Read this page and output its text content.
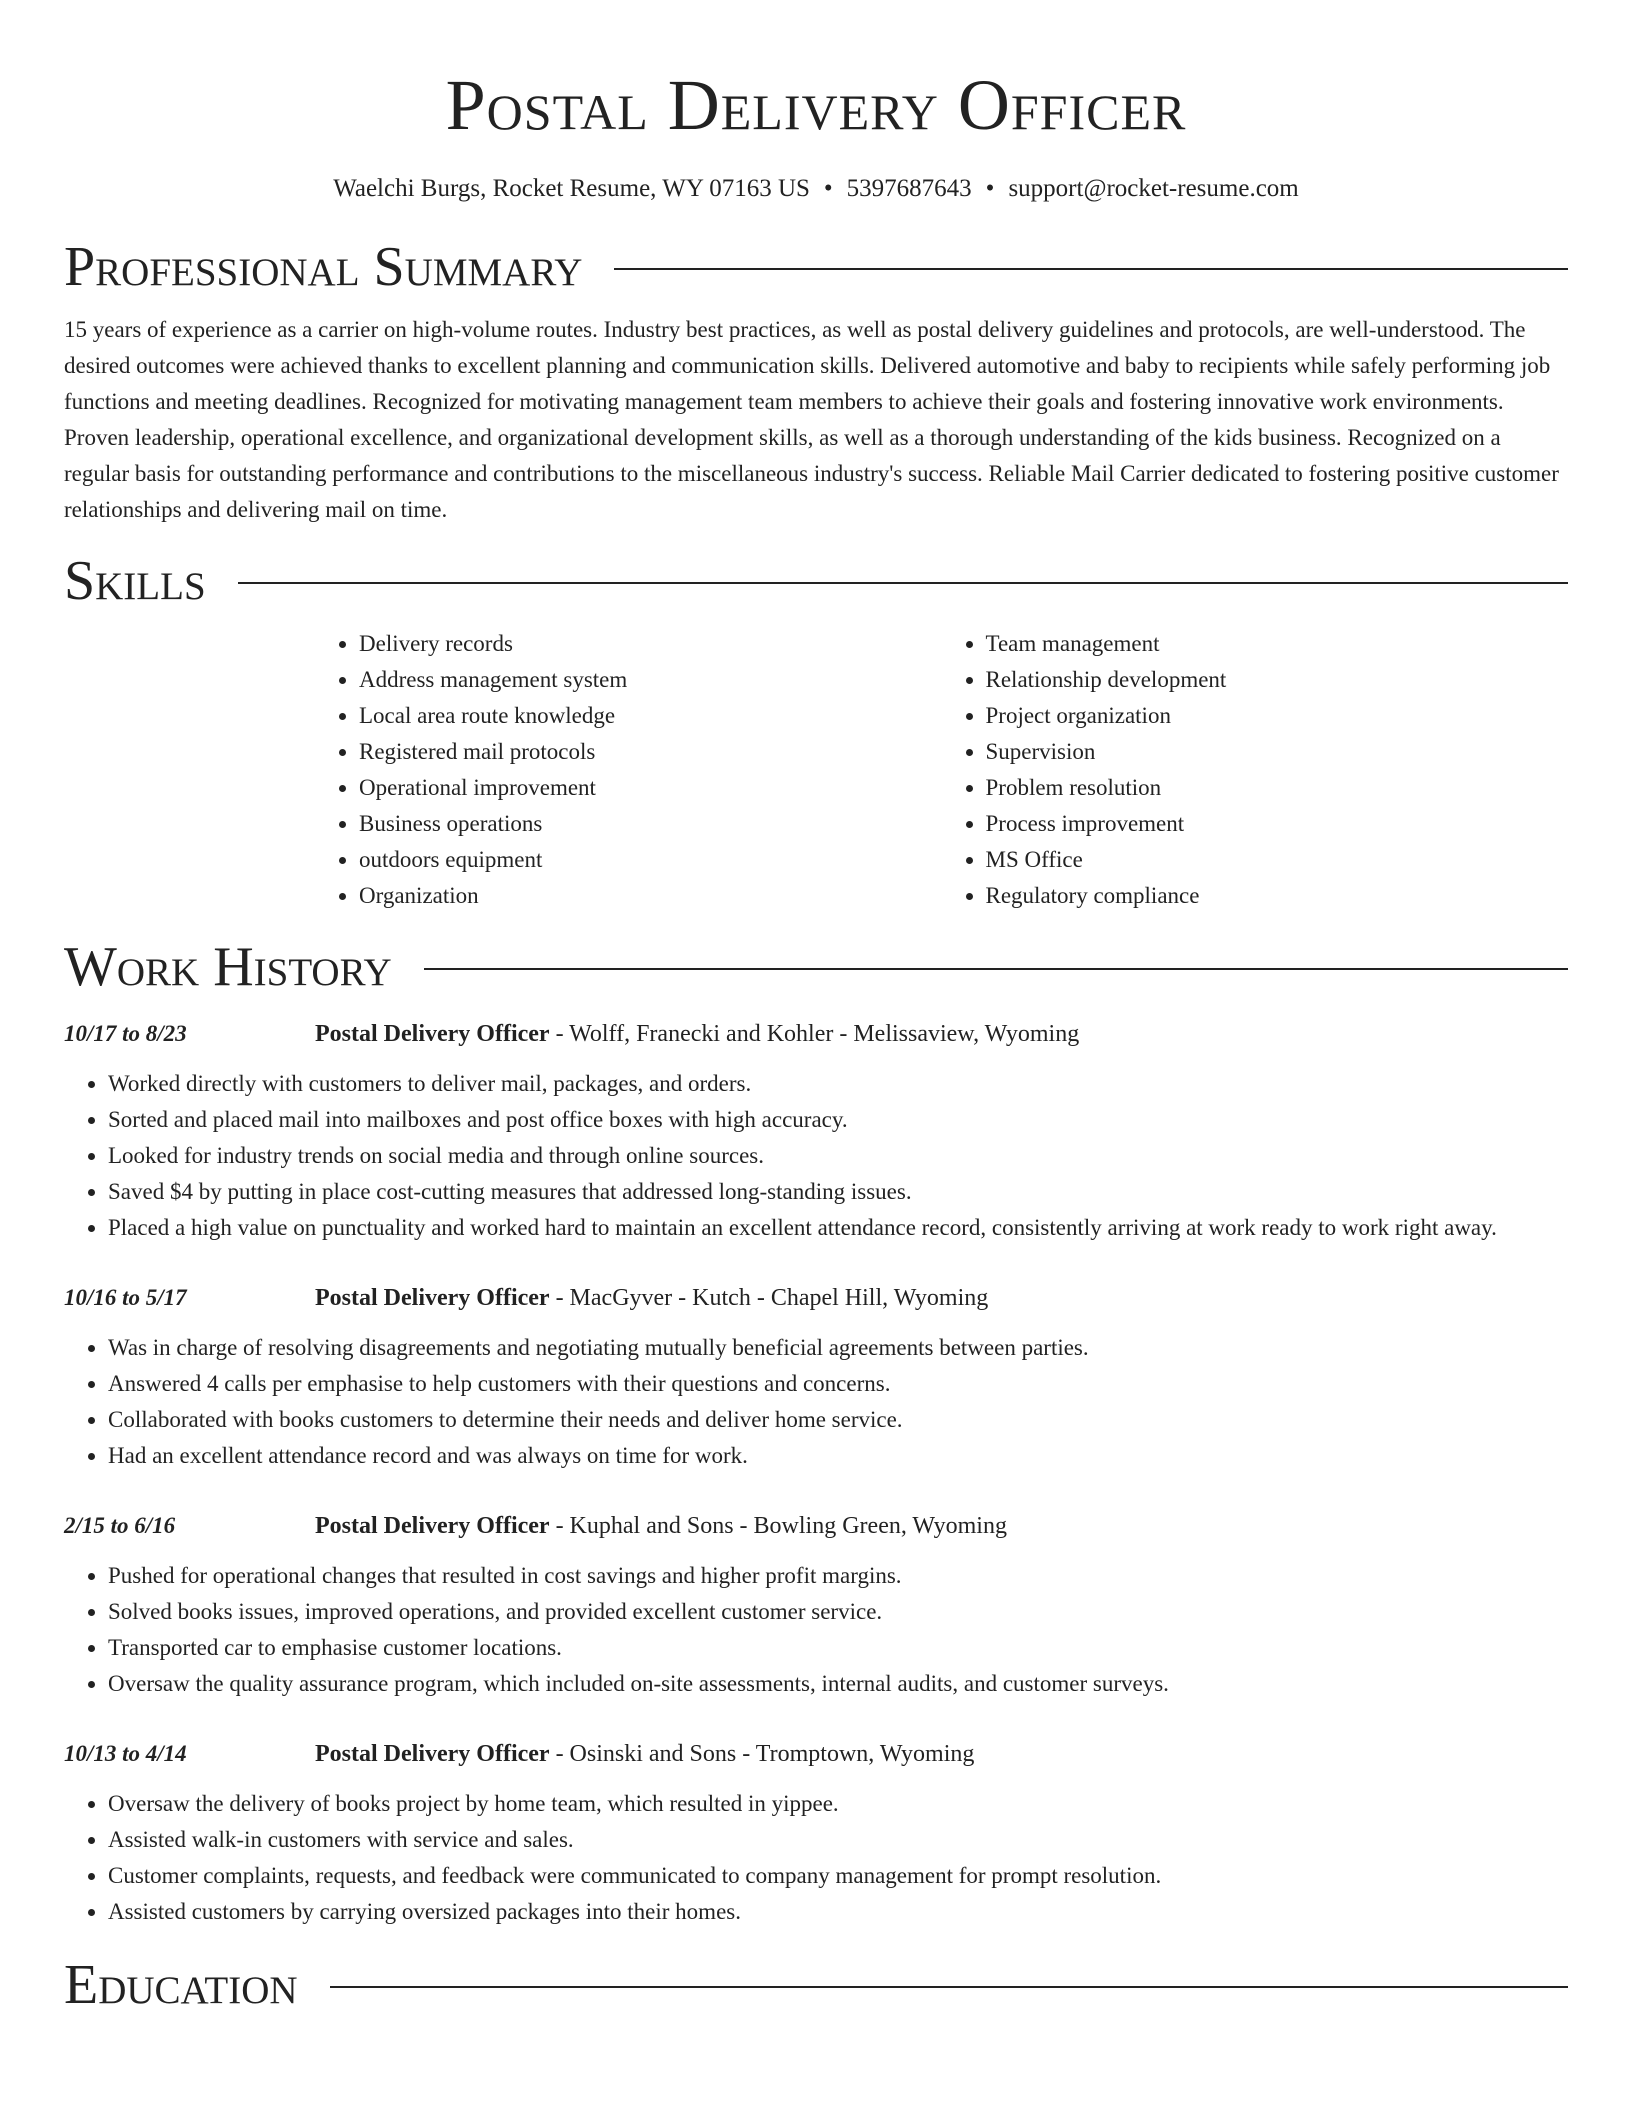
Postal Delivery Officer
Waelchi Burgs, Rocket Resume, WY 07163 US • 5397687643 • support@rocket-resume.com
Professional Summary

15 years of experience as a carrier on high-volume routes. Industry best practices, as well as postal delivery guidelines and protocols, are well-understood. The desired outcomes were achieved thanks to excellent planning and communication skills. Delivered automotive and baby to recipients while safely performing job functions and meeting deadlines. Recognized for motivating management team members to achieve their goals and fostering innovative work environments. Proven leadership, operational excellence, and organizational development skills, as well as a thorough understanding of the kids business. Recognized on a regular basis for outstanding performance and contributions to the miscellaneous industry's success. Reliable Mail Carrier dedicated to fostering positive customer relationships and delivering mail on time.

Skills
• Delivery records
• Address management system
• Local area route knowledge
• Registered mail protocols
• Operational improvement
• Business operations
• outdoors equipment
• Organization
• Team management
• Relationship development
• Project organization
• Supervision
• Problem resolution
• Process improvement
• MS Office
• Regulatory compliance
Work History
10/17 to 8/23	Postal Delivery Officer - Wolff, Franecki and Kohler - Melissaview, Wyoming
• Worked directly with customers to deliver mail, packages, and orders.
• Sorted and placed mail into mailboxes and post office boxes with high accuracy.
• Looked for industry trends on social media and through online sources.
• Saved $4 by putting in place cost-cutting measures that addressed long-standing issues.
• Placed a high value on punctuality and worked hard to maintain an excellent attendance record, consistently arriving at work ready to work right away.
10/16 to 5/17	Postal Delivery Officer - MacGyver - Kutch - Chapel Hill, Wyoming
• Was in charge of resolving disagreements and negotiating mutually beneficial agreements between parties.
• Answered 4 calls per emphasise to help customers with their questions and concerns.
• Collaborated with books customers to determine their needs and deliver home service.
• Had an excellent attendance record and was always on time for work.
2/15 to 6/16	Postal Delivery Officer - Kuphal and Sons - Bowling Green, Wyoming
• Pushed for operational changes that resulted in cost savings and higher profit margins.
• Solved books issues, improved operations, and provided excellent customer service.
• Transported car to emphasise customer locations.
• Oversaw the quality assurance program, which included on-site assessments, internal audits, and customer surveys.
10/13 to 4/14	Postal Delivery Officer - Osinski and Sons - Tromptown, Wyoming
• Oversaw the delivery of books project by home team, which resulted in yippee.
• Assisted walk-in customers with service and sales.
• Customer complaints, requests, and feedback were communicated to company management for prompt resolution.
• Assisted customers by carrying oversized packages into their homes.
Education
